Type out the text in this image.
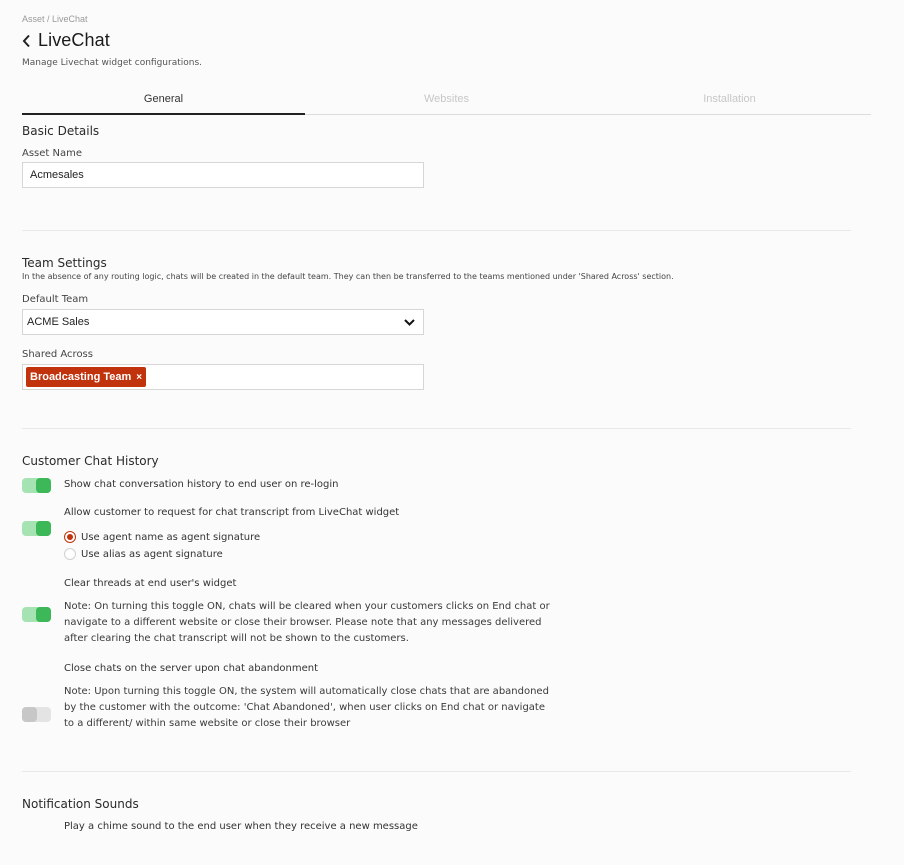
Asset / LiveChat
LiveChat
Manage Livechat widget configurations.
General	Websites	Installation
Basic Details
Asset Name
Acmesales
Team Settings
In the absence of any routing logic, chats will be created in the default team. They can then be transferred to the teams mentioned under 'Shared Across' section.
Default Team
ACME Sales
Shared Across
Broadcasting Team ×
Customer Chat History
Show chat conversation history to end user on re-login
Allow customer to request for chat transcript from LiveChat widget
Use agent name as agent signature
Use alias as agent signature
Clear threads at end user's widget
Note: On turning this toggle ON, chats will be cleared when your customers clicks on End chat or
navigate to a different website or close their browser. Please note that any messages delivered
after clearing the chat transcript will not be shown to the customers.
Close chats on the server upon chat abandonment
Note: Upon turning this toggle ON, the system will automatically close chats that are abandoned
by the customer with the outcome: 'Chat Abandoned', when user clicks on End chat or navigate
to a different/ within same website or close their browser
Notification Sounds
Play a chime sound to the end user when they receive a new message
